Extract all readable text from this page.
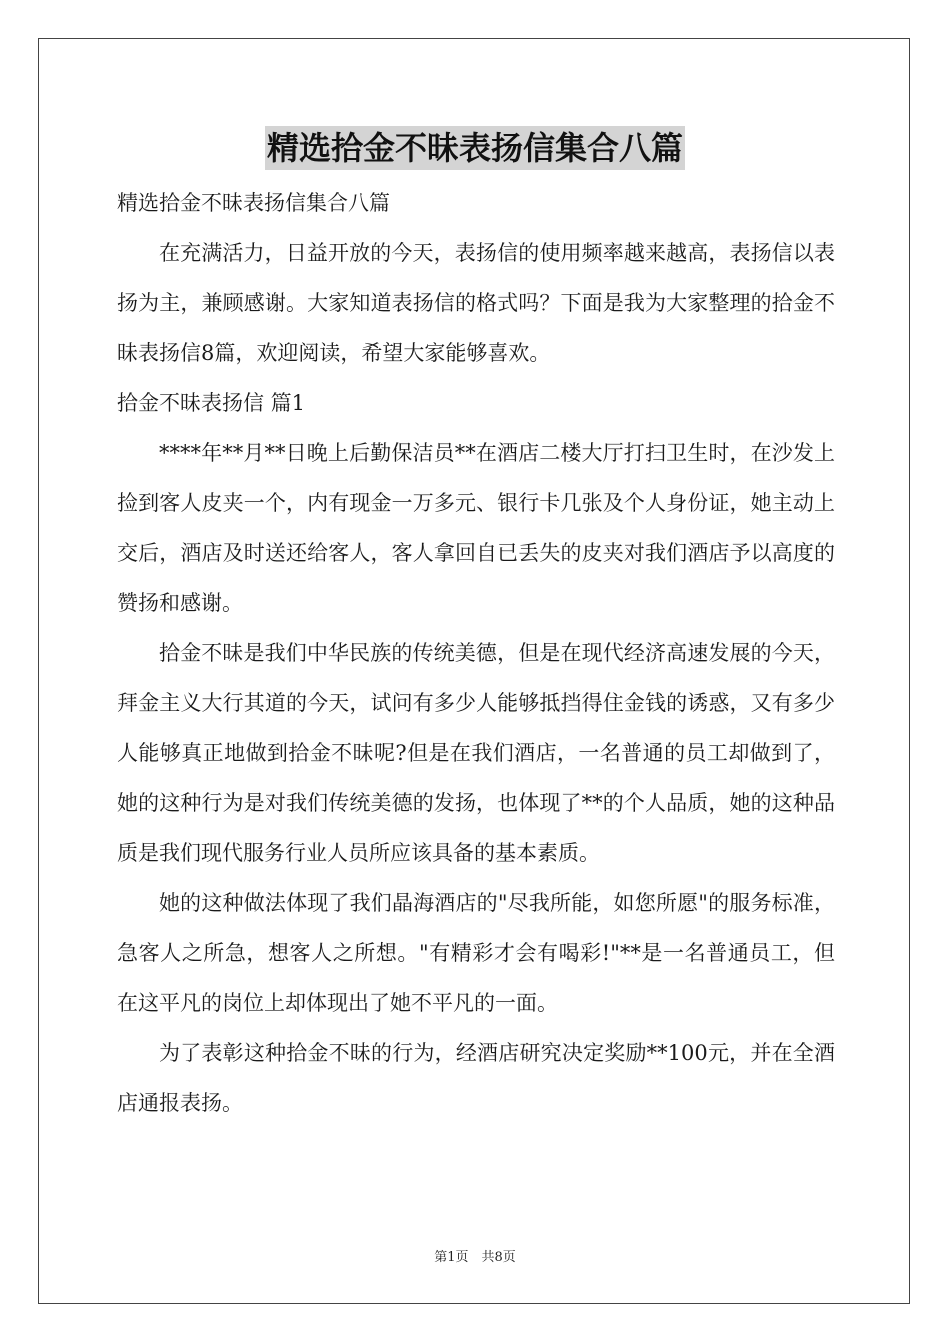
精选拾金不昧表扬信集合八篇

精选拾金不昧表扬信集合八篇

在充满活力，日益开放的今天，表扬信的使用频率越来越高，表扬信以表扬为主，兼顾感谢。大家知道表扬信的格式吗？下面是我为大家整理的拾金不昧表扬信8篇，欢迎阅读，希望大家能够喜欢。

拾金不昧表扬信 篇1

****年**月**日晚上后勤保洁员**在酒店二楼大厅打扫卫生时，在沙发上捡到客人皮夹一个，内有现金一万多元、银行卡几张及个人身份证，她主动上交后，酒店及时送还给客人，客人拿回自已丢失的皮夹对我们酒店予以高度的赞扬和感谢。

拾金不昧是我们中华民族的传统美德，但是在现代经济高速发展的今天，拜金主义大行其道的今天，试问有多少人能够抵挡得住金钱的诱惑，又有多少人能够真正地做到拾金不昧呢?但是在我们酒店，一名普通的员工却做到了，她的这种行为是对我们传统美德的发扬，也体现了**的个人品质，她的这种品质是我们现代服务行业人员所应该具备的基本素质。

她的这种做法体现了我们晶海酒店的"尽我所能，如您所愿"的服务标准，急客人之所急，想客人之所想。"有精彩才会有喝彩!"**是一名普通员工，但在这平凡的岗位上却体现出了她不平凡的一面。

为了表彰这种拾金不昧的行为，经酒店研究决定奖励**100元，并在全酒店通报表扬。

第1页　共8页
